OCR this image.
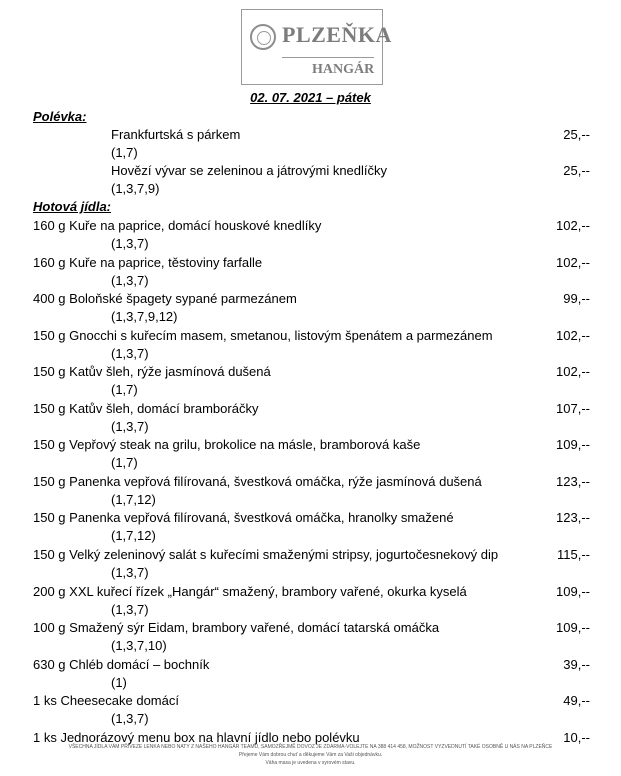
PLZEŇKA
HANGÁR
02. 07. 2021 – pátek
Polévka:
Frankfurtská s párkem	25,--
(1,7)
Hovězí vývar se zeleninou a játrovými knedlíčky	25,--
(1,3,7,9)
Hotová jídla:
160 g Kuře na paprice, domácí houskové knedlíky	102,--
(1,3,7)
160 g Kuře na paprice, těstoviny farfalle	102,--
(1,3,7)
400 g Boloňské špagety sypané parmezánem	99,--
(1,3,7,9,12)
150 g Gnocchi s kuřecím masem, smetanou, listovým špenátem a parmezánem	102,--
(1,3,7)
150 g Katův šleh, rýže jasmínová dušená	102,--
(1,7)
150 g Katův šleh, domácí bramboráčky	107,--
(1,3,7)
150 g Vepřový steak na grilu, brokolice na másle, bramborová kaše	109,--
(1,7)
150 g Panenka vepřová filírovaná, švestková omáčka, rýže jasmínová dušená	123,--
(1,7,12)
150 g Panenka vepřová filírovaná, švestková omáčka, hranolky smažené	123,--
(1,7,12)
150 g Velký zeleninový salát s kuřecími smaženými stripsy, jogurtočesnekový dip	115,--
(1,3,7)
200 g XXL kuřecí řízek „Hangár“ smažený, brambory vařené, okurka kyselá	109,--
(1,3,7)
100 g Smažený sýr Eidam, brambory vařené, domácí tatarská omáčka	109,--
(1,3,7,10)
630 g Chléb domácí – bochník	39,--
(1)
1 ks Cheesecake domácí	49,--
(1,3,7)
1 ks Jednorázový menu box na hlavní jídlo nebo polévku	10,--
VŠECHNA JÍDLA VÁM PŘIVEZE LENKA NEBO NATY Z NAŠEHO HANGÁR TEAMU, SAMOZŘEJMĚ DOVOZ JE ZDARMA-VOLEJTE NA 388 414 458, MOŽNOST VYZVEDNUTÍ TAKÉ OSOBNĚ U NÁS NA PLZEŇCE
Přejeme Vám dobrou chuť a děkujeme Vám za Vaši objednávku.
Váha masa je uvedena v syrovém stavu.
